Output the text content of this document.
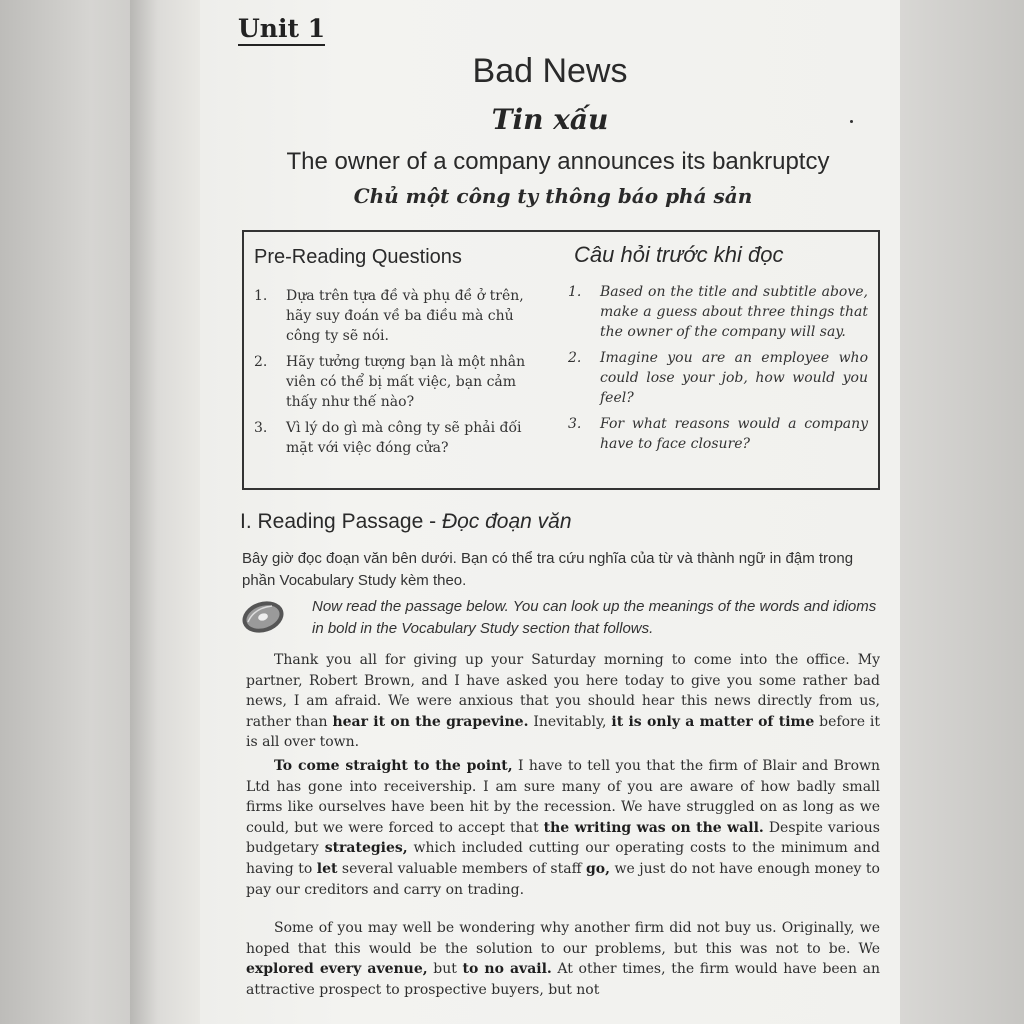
Unit 1
Bad News
Tin xấu
The owner of a company announces its bankruptcy
Chủ một công ty thông báo phá sản
Pre-Reading Questions	Câu hỏi trước khi đọc
1.	Dựa trên tựa đề và phụ đề ở trên, hãy suy đoán về ba điều mà chủ công ty sẽ nói.
2.	Hãy tưởng tượng bạn là một nhân viên có thể bị mất việc, bạn cảm thấy như thế nào?
3.	Vì lý do gì mà công ty sẽ phải đối mặt với việc đóng cửa?
1.	Based on the title and subtitle above, make a guess about three things that the owner of the company will say.
2.	Imagine you are an employee who could lose your job, how would you feel?
3.	For what reasons would a company have to face closure?
I. Reading Passage - Đọc đoạn văn
Bây giờ đọc đoạn văn bên dưới. Bạn có thể tra cứu nghĩa của từ và thành ngữ in đậm trong phần Vocabulary Study kèm theo.
Now read the passage below. You can look up the meanings of the words and idioms in bold in the Vocabulary Study section that follows.

Thank you all for giving up your Saturday morning to come into the office. My partner, Robert Brown, and I have asked you here today to give you some rather bad news, I am afraid. We were anxious that you should hear this news directly from us, rather than hear it on the grapevine. Inevitably, it is only a matter of time before it is all over town.

To come straight to the point, I have to tell you that the firm of Blair and Brown Ltd has gone into receivership. I am sure many of you are aware of how badly small firms like ourselves have been hit by the recession. We have struggled on as long as we could, but we were forced to accept that the writing was on the wall. Despite various budgetary strategies, which included cutting our operating costs to the minimum and having to let several valuable members of staff go, we just do not have enough money to pay our creditors and carry on trading.

Some of you may well be wondering why another firm did not buy us. Originally, we hoped that this would be the solution to our problems, but this was not to be. We explored every avenue, but to no avail. At other times, the firm would have been an attractive prospect to prospective buyers, but not
